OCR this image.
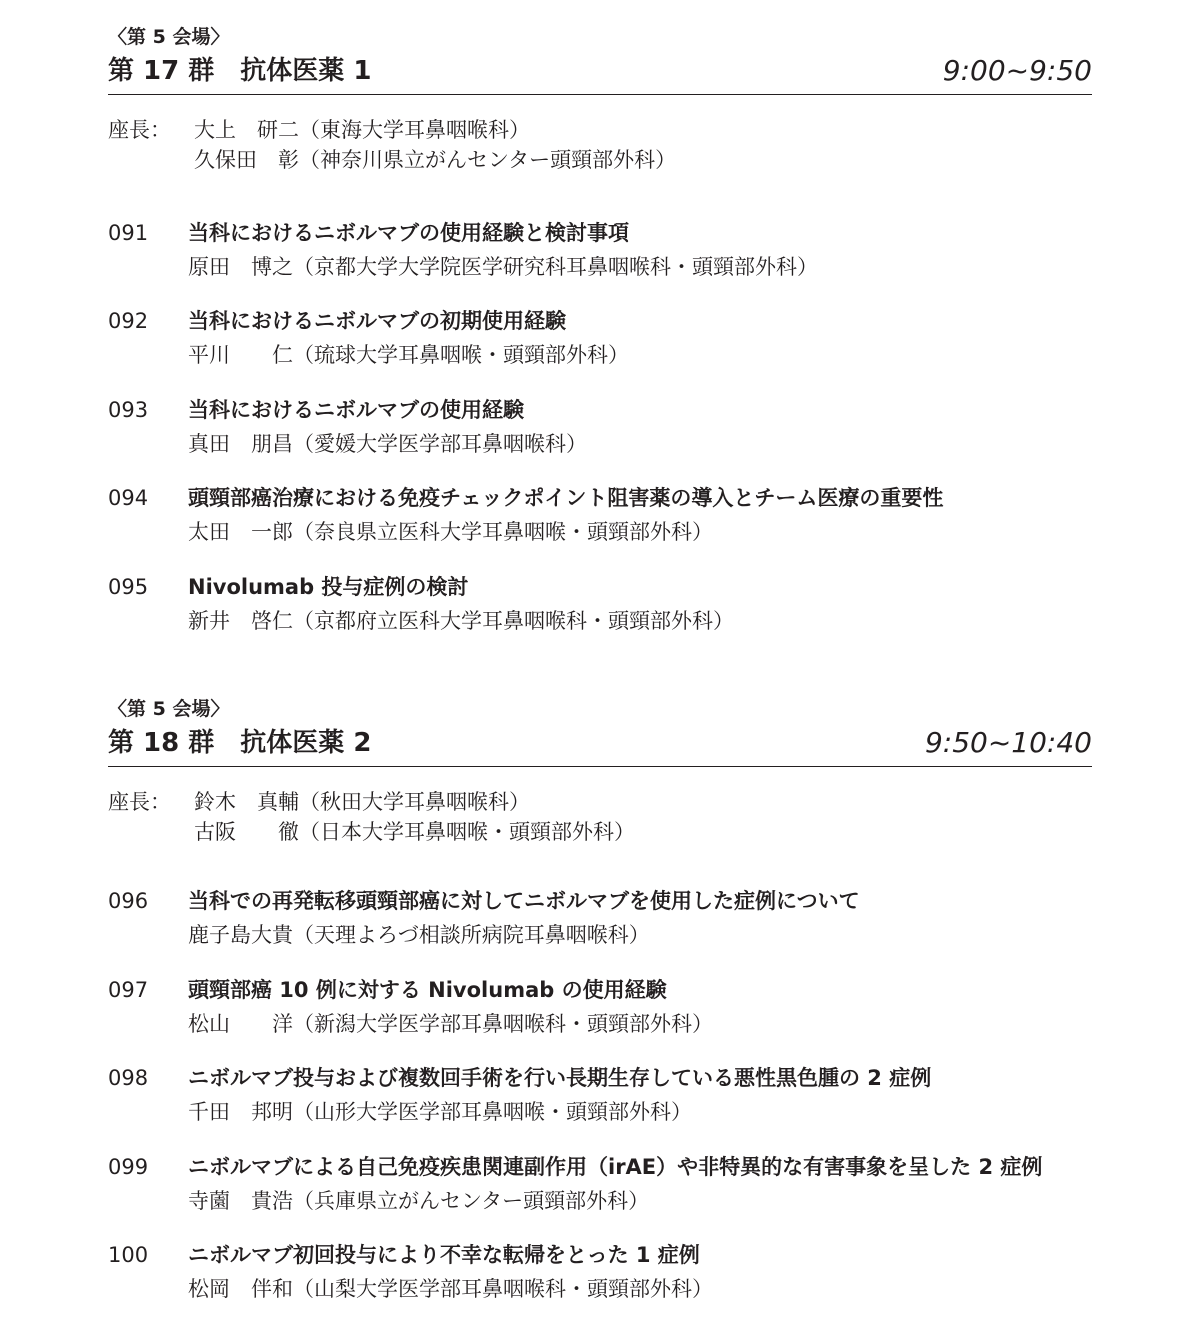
〈第 5 会場〉
第 17 群　抗体医薬 1	9:00~9:50
座長： 大上　研二（東海大学耳鼻咽喉科）
久保田　彰（神奈川県立がんセンター頭頸部外科）
091 当科におけるニボルマブの使用経験と検討事項
原田　博之（京都大学大学院医学研究科耳鼻咽喉科・頭頸部外科）
092 当科におけるニボルマブの初期使用経験
平川　　仁（琉球大学耳鼻咽喉・頭頸部外科）
093 当科におけるニボルマブの使用経験
真田　朋昌（愛媛大学医学部耳鼻咽喉科）
094 頭頸部癌治療における免疫チェックポイント阻害薬の導入とチーム医療の重要性
太田　一郎（奈良県立医科大学耳鼻咽喉・頭頸部外科）
095 Nivolumab 投与症例の検討
新井　啓仁（京都府立医科大学耳鼻咽喉科・頭頸部外科）
〈第 5 会場〉
第 18 群　抗体医薬 2	9:50~10:40
座長： 鈴木　真輔（秋田大学耳鼻咽喉科）
古阪　　徹（日本大学耳鼻咽喉・頭頸部外科）
096 当科での再発転移頭頸部癌に対してニボルマブを使用した症例について
鹿子島大貴（天理よろづ相談所病院耳鼻咽喉科）
097 頭頸部癌 10 例に対する Nivolumab の使用経験
松山　　洋（新潟大学医学部耳鼻咽喉科・頭頸部外科）
098 ニボルマブ投与および複数回手術を行い長期生存している悪性黒色腫の 2 症例
千田　邦明（山形大学医学部耳鼻咽喉・頭頸部外科）
099 ニボルマブによる自己免疫疾患関連副作用（irAE）や非特異的な有害事象を呈した 2 症例
寺薗　貴浩（兵庫県立がんセンター頭頸部外科）
100 ニボルマブ初回投与により不幸な転帰をとった 1 症例
松岡　伴和（山梨大学医学部耳鼻咽喉科・頭頸部外科）
